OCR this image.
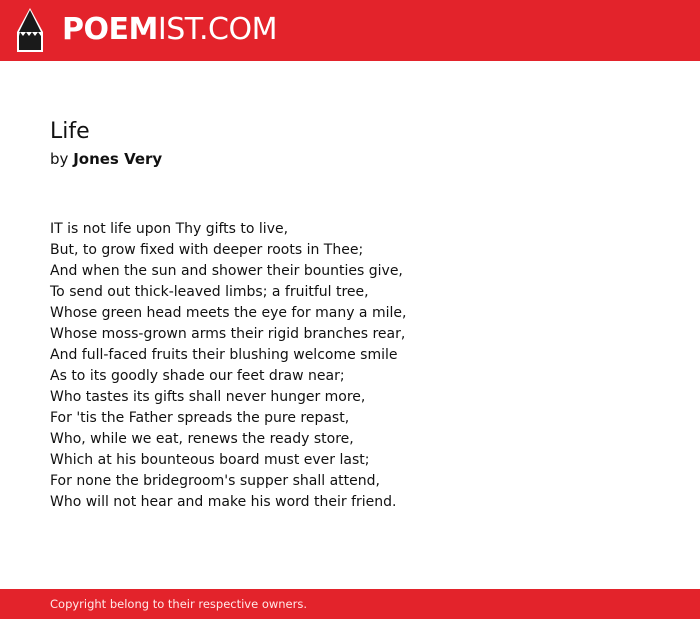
POEMIST.COM
Life
by Jones Very
IT is not life upon Thy gifts to live,
But, to grow fixed with deeper roots in Thee;
And when the sun and shower their bounties give,
To send out thick-leaved limbs; a fruitful tree,
Whose green head meets the eye for many a mile,
Whose moss-grown arms their rigid branches rear,
And full-faced fruits their blushing welcome smile
As to its goodly shade our feet draw near;
Who tastes its gifts shall never hunger more,
For 'tis the Father spreads the pure repast,
Who, while we eat, renews the ready store,
Which at his bounteous board must ever last;
For none the bridegroom's supper shall attend,
Who will not hear and make his word their friend.
Copyright belong to their respective owners.
